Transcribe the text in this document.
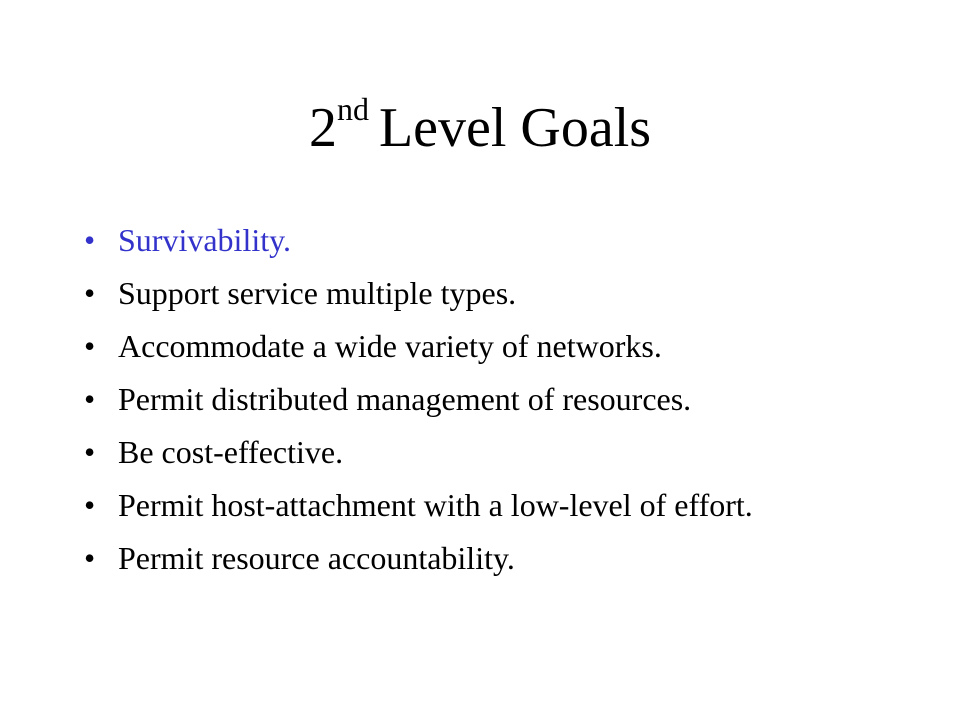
2nd Level Goals
• Survivability.
• Support service multiple types.
• Accommodate a wide variety of networks.
• Permit distributed management of resources.
• Be cost-effective.
• Permit host-attachment with a low-level of effort.
• Permit resource accountability.
